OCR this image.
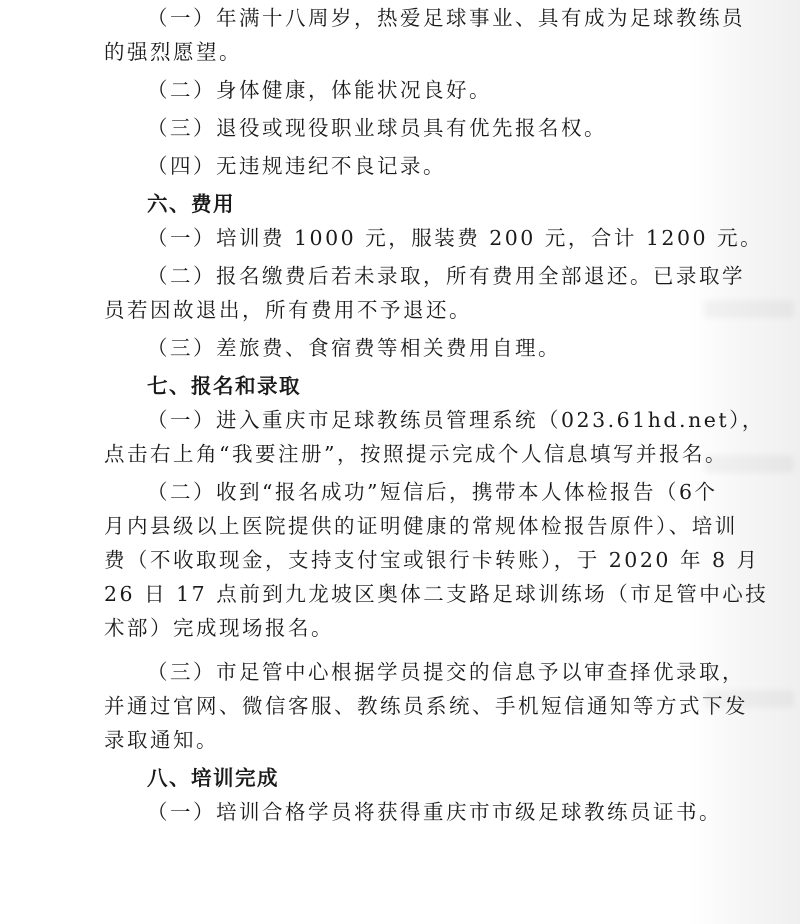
（一）年满十八周岁，热爱足球事业、具有成为足球教练员
的强烈愿望。
（二）身体健康，体能状况良好。
（三）退役或现役职业球员具有优先报名权。
（四）无违规违纪不良记录。
六、费用
（一）培训费 1000 元，服装费 200 元，合计 1200 元。
（二）报名缴费后若未录取，所有费用全部退还。已录取学
员若因故退出，所有费用不予退还。
（三）差旅费、食宿费等相关费用自理。
七、报名和录取
（一）进入重庆市足球教练员管理系统（023.61hd.net），
点击右上角“我要注册”，按照提示完成个人信息填写并报名。
（二）收到“报名成功”短信后，携带本人体检报告（6个
月内县级以上医院提供的证明健康的常规体检报告原件）、培训
费（不收取现金，支持支付宝或银行卡转账），于 2020 年 8 月
26 日 17 点前到九龙坡区奥体二支路足球训练场（市足管中心技
术部）完成现场报名。
（三）市足管中心根据学员提交的信息予以审查择优录取，
并通过官网、微信客服、教练员系统、手机短信通知等方式下发
录取通知。
八、培训完成
（一）培训合格学员将获得重庆市市级足球教练员证书。
